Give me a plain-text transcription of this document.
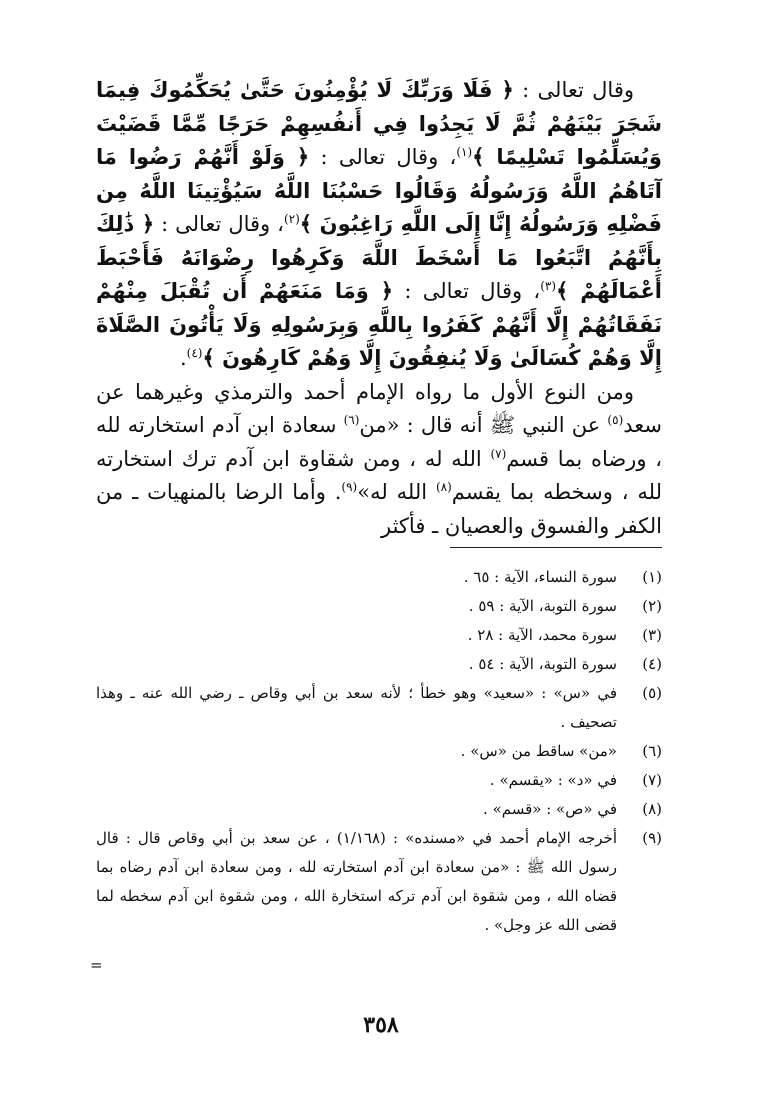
وقال تعالى : ﴿ فَلَا وَرَبِّكَ لَا يُؤْمِنُونَ حَتَّىٰ يُحَكِّمُوكَ فِيمَا شَجَرَ بَيْنَهُمْ ثُمَّ لَا يَجِدُوا فِي أَنفُسِهِمْ حَرَجًا مِّمَّا قَضَيْتَ وَيُسَلِّمُوا تَسْلِيمًا ﴾$^{(١)}$، وقال تعالى : ﴿ وَلَوْ أَنَّهُمْ رَضُوا مَا آتَاهُمُ اللَّهُ وَرَسُولُهُ وَقَالُوا حَسْبُنَا اللَّهُ سَيُؤْتِينَا اللَّهُ مِن فَضْلِهِ وَرَسُولُهُ إِنَّا إِلَى اللَّهِ رَاغِبُونَ ﴾$^{(٢)}$، وقال تعالى : ﴿ ذَٰلِكَ بِأَنَّهُمُ اتَّبَعُوا مَا أَسْخَطَ اللَّهَ وَكَرِهُوا رِضْوَانَهُ فَأَحْبَطَ أَعْمَالَهُمْ ﴾$^{(٣)}$، وقال تعالى : ﴿ وَمَا مَنَعَهُمْ أَن تُقْبَلَ مِنْهُمْ نَفَقَاتُهُمْ إِلَّا أَنَّهُمْ كَفَرُوا بِاللَّهِ وَبِرَسُولِهِ وَلَا يَأْتُونَ الصَّلَاةَ إِلَّا وَهُمْ كُسَالَىٰ وَلَا يُنفِقُونَ إِلَّا وَهُمْ كَارِهُونَ ﴾$^{(٤)}$.

ومن النوع الأول ما رواه الإمام أحمد والترمذي وغيرهما عن سعد$^{(٥)}$ عن النبي ﷺ أنه قال : «من$^{(٦)}$ سعادة ابن آدم استخارته لله ، ورضاه بما قسم$^{(٧)}$ الله له ، ومن شقاوة ابن آدم ترك استخارته لله ، وسخطه بما يقسم$^{(٨)}$ الله له»$^{(٩)}$. وأما الرضا بالمنهيات ـ من الكفر والفسوق والعصيان ـ فأكثر

(١)
سورة النساء، الآية : ٦٥ .
(٢)
سورة التوبة، الآية : ٥٩ .
(٣)
سورة محمد، الآية : ٢٨ .
(٤)
سورة التوبة، الآية : ٥٤ .
(٥)
في «س» : «سعيد» وهو خطأ ؛ لأنه سعد بن أبي وقاص ـ رضي الله عنه ـ وهذا تصحيف .
(٦)
«من» ساقط من «س» .
(٧)
في «د» : «يقسم» .
(٨)
في «ص» : «قسم» .
(٩)
أخرجه الإمام أحمد في «مسنده» : (١/١٦٨) ، عن سعد بن أبي وقاص قال : قال رسول الله ﷺ : «من سعادة ابن آدم استخارته لله ، ومن سعادة ابن آدم رضاه بما قضاه الله ، ومن شقوة ابن آدم تركه استخارة الله ، ومن شقوة ابن آدم سخطه لما قضى الله عز وجل» .
=
٣٥٨
